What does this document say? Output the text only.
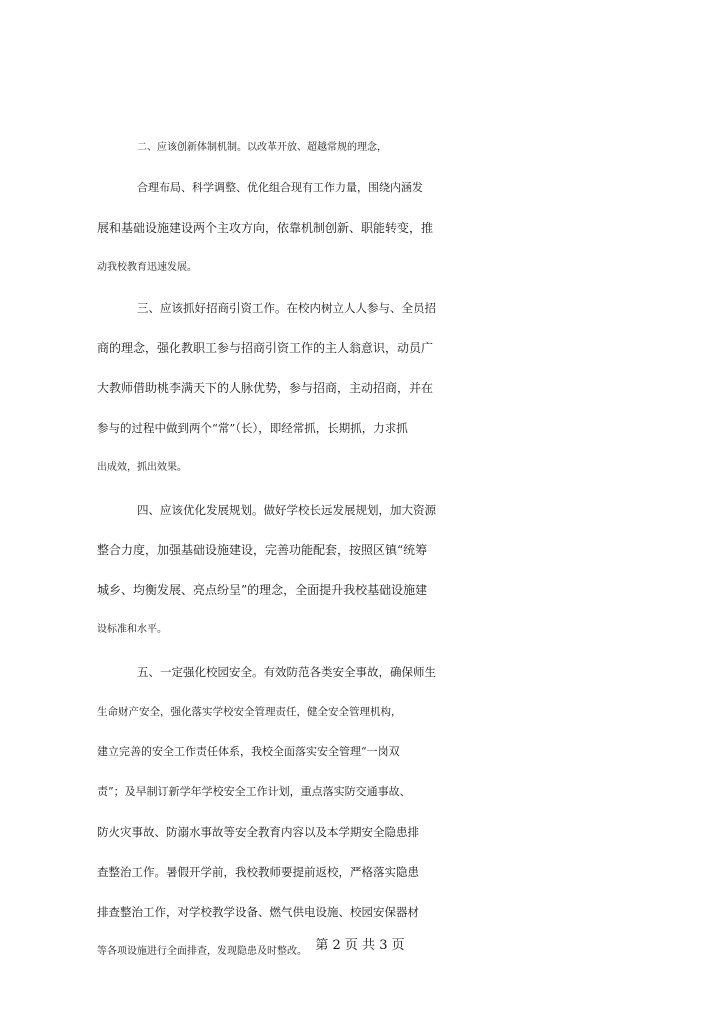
二、应该创新体制机制。以改革开放、超越常规的理念，
合理布局、科学调整、优化组合现有工作力量，围绕内涵发
展和基础设施建设两个主攻方向，依靠机制创新、职能转变，推
动我校教育迅速发展。
三、应该抓好招商引资工作。在校内树立人人参与、全员招
商的理念，强化教职工参与招商引资工作的主人翁意识，动员广
大教师借助桃李满天下的人脉优势，参与招商，主动招商，并在
参与的过程中做到两个“常”（长），即经常抓，长期抓，力求抓
出成效，抓出效果。
四、应该优化发展规划。做好学校长远发展规划，加大资源
整合力度，加强基础设施建设，完善功能配套，按照区镇“统筹
城乡、均衡发展、亮点纷呈”的理念，全面提升我校基础设施建
设标准和水平。
五、一定强化校园安全。有效防范各类安全事故，确保师生
生命财产安全，强化落实学校安全管理责任，健全安全管理机构，
建立完善的安全工作责任体系，我校全面落实安全管理“一岗双
责”；及早制订新学年学校安全工作计划，重点落实防交通事故、
防火灾事故、防溺水事故等安全教育内容以及本学期安全隐患排
查整治工作。暑假开学前，我校教师要提前返校，严格落实隐患
排查整治工作，对学校教学设备、燃气供电设施、校园安保器材
等各项设施进行全面排查，发现隐患及时整改。 第 2 页 共 3 页
